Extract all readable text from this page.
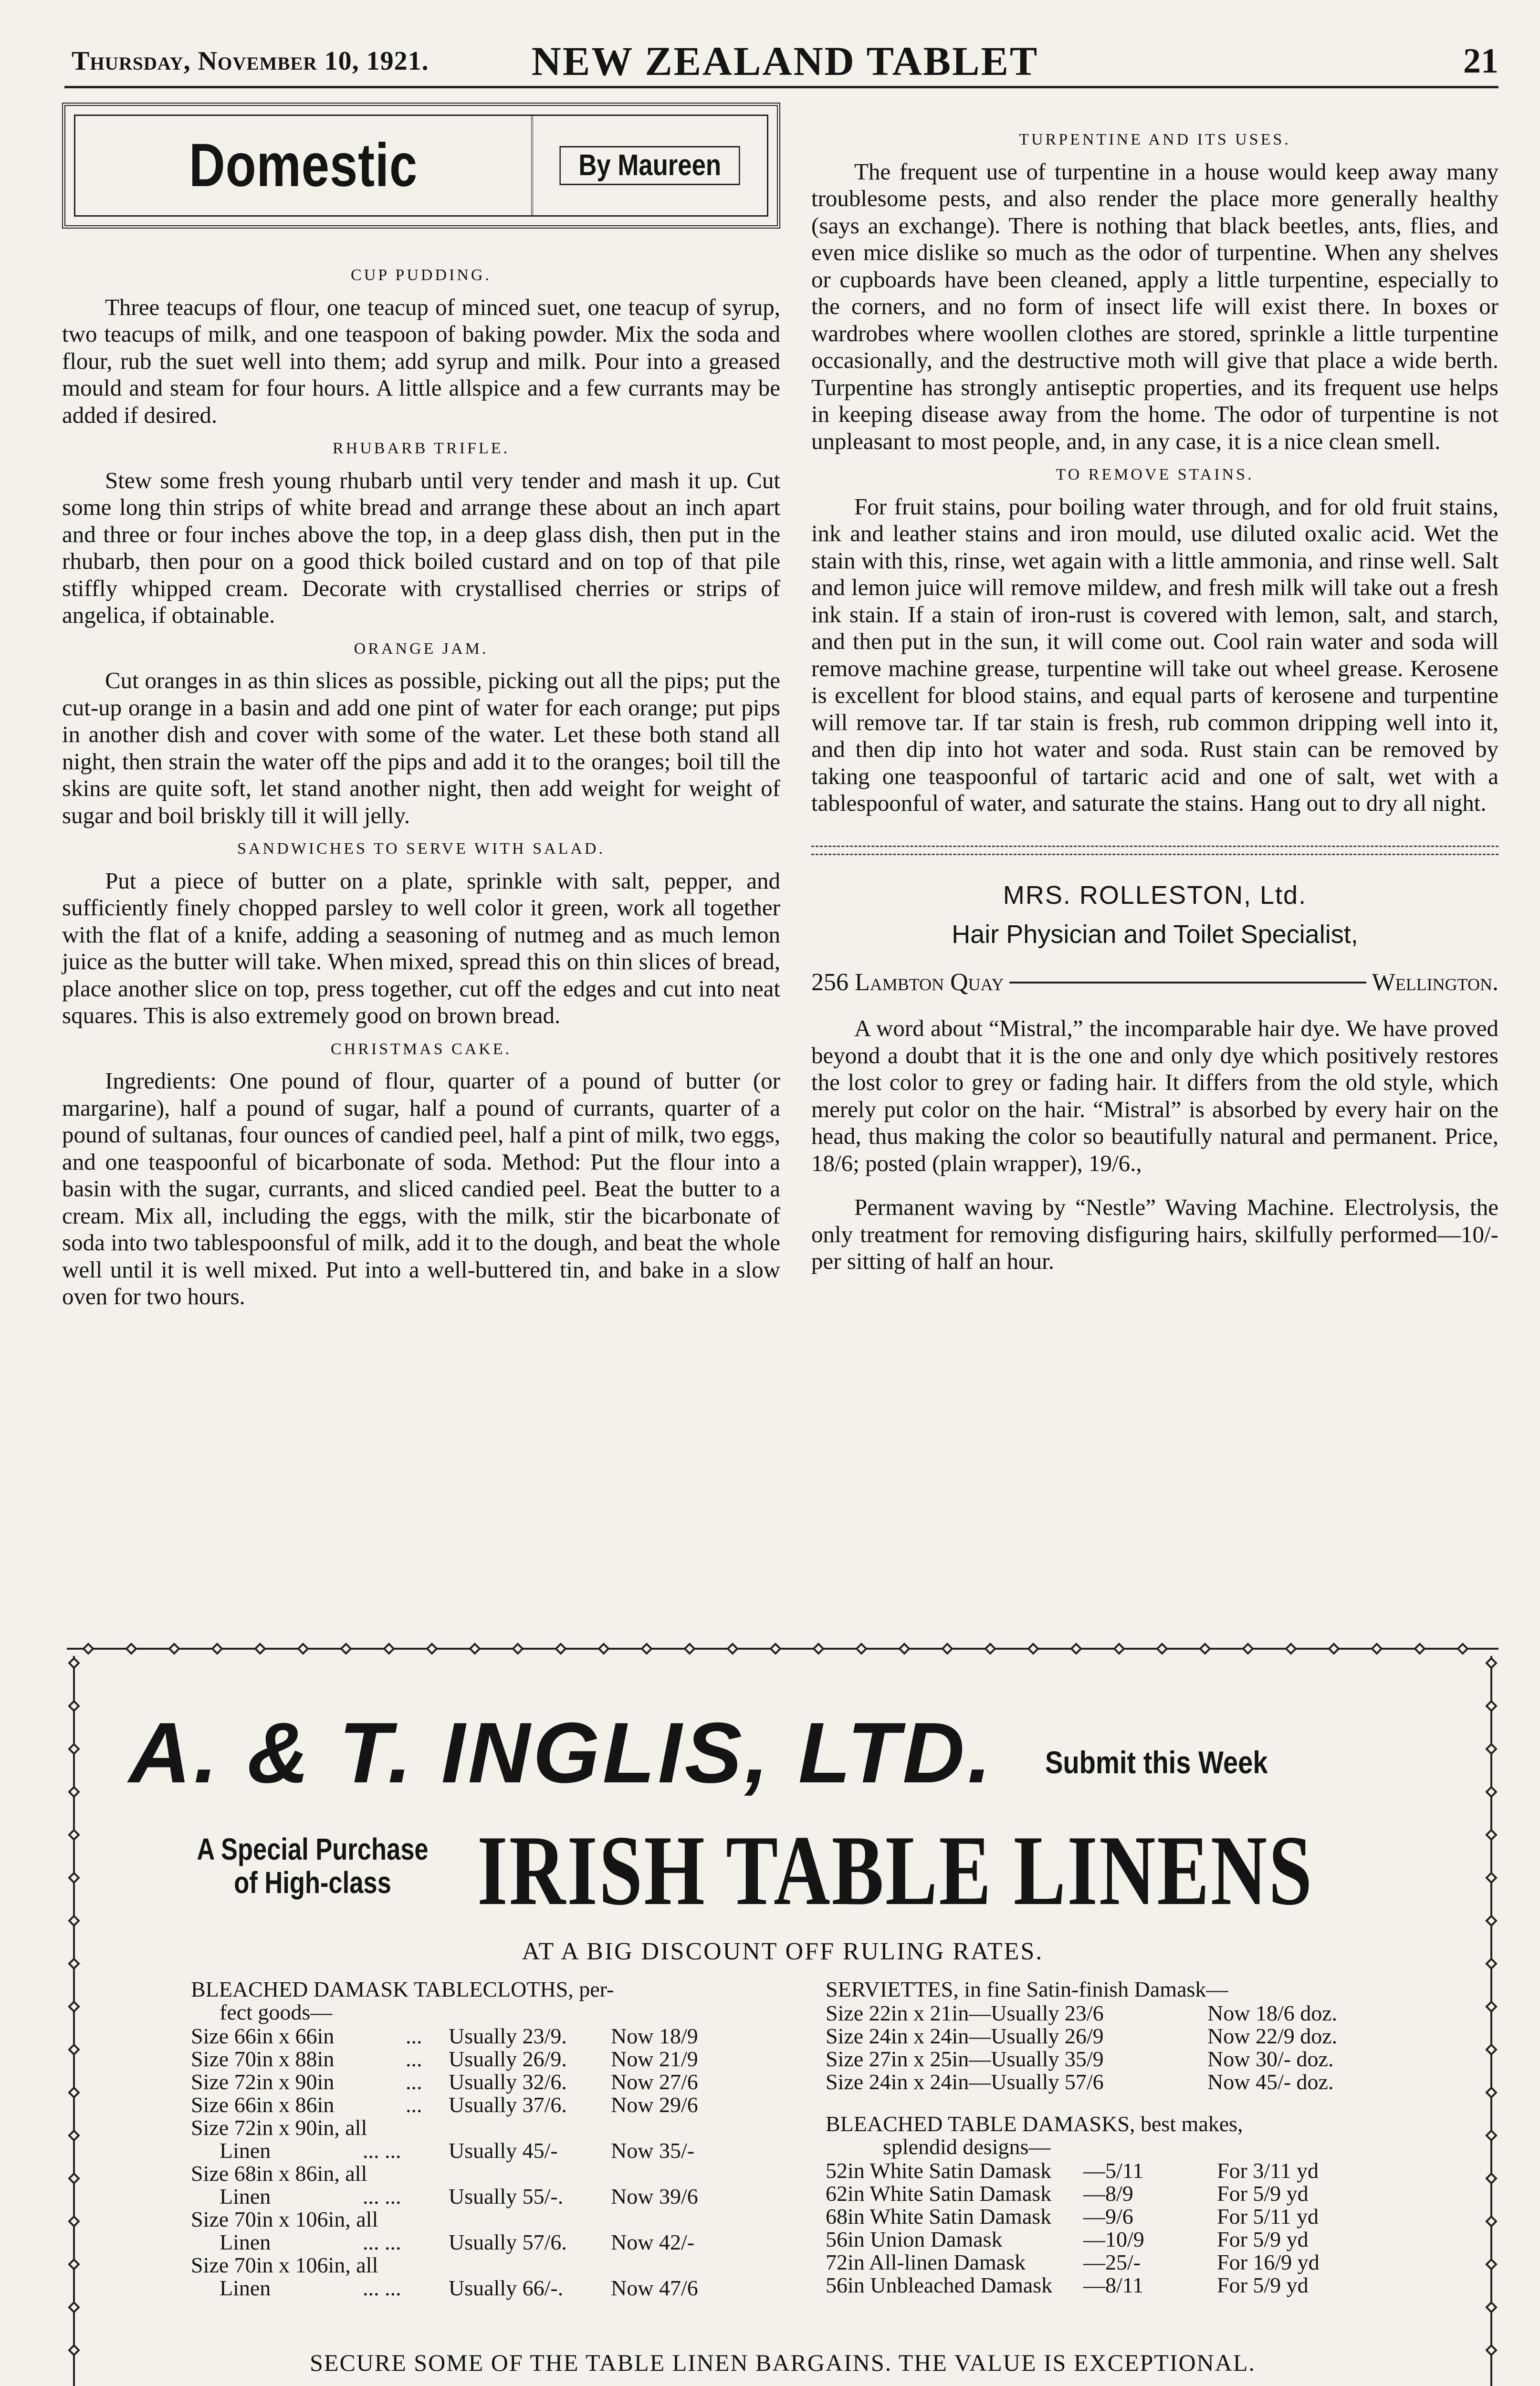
Thursday, November 10, 1921.	NEW ZEALAND TABLET	21
Domestic	By Maureen
CUP PUDDING.

Three teacups of flour, one teacup of minced suet, one teacup of syrup, two teacups of milk, and one teaspoon of baking powder. Mix the soda and flour, rub the suet well into them; add syrup and milk. Pour into a greased mould and steam for four hours. A little allspice and a few currants may be added if desired.

RHUBARB TRIFLE.

Stew some fresh young rhubarb until very tender and mash it up. Cut some long thin strips of white bread and arrange these about an inch apart and three or four inches above the top, in a deep glass dish, then put in the rhubarb, then pour on a good thick boiled custard and on top of that pile stiffly whipped cream. Decorate with crystallised cherries or strips of angelica, if obtainable.

ORANGE JAM.

Cut oranges in as thin slices as possible, picking out all the pips; put the cut-up orange in a basin and add one pint of water for each orange; put pips in another dish and cover with some of the water. Let these both stand all night, then strain the water off the pips and add it to the oranges; boil till the skins are quite soft, let stand another night, then add weight for weight of sugar and boil briskly till it will jelly.

SANDWICHES TO SERVE WITH SALAD.

Put a piece of butter on a plate, sprinkle with salt, pepper, and sufficiently finely chopped parsley to well color it green, work all together with the flat of a knife, adding a seasoning of nutmeg and as much lemon juice as the butter will take. When mixed, spread this on thin slices of bread, place another slice on top, press together, cut off the edges and cut into neat squares. This is also extremely good on brown bread.

CHRISTMAS CAKE.

Ingredients: One pound of flour, quarter of a pound of butter (or margarine), half a pound of sugar, half a pound of currants, quarter of a pound of sultanas, four ounces of candied peel, half a pint of milk, two eggs, and one teaspoonful of bicarbonate of soda. Method: Put the flour into a basin with the sugar, currants, and sliced candied peel. Beat the butter to a cream. Mix all, including the eggs, with the milk, stir the bicarbonate of soda into two tablespoonsful of milk, add it to the dough, and beat the whole well until it is well mixed. Put into a well-buttered tin, and bake in a slow oven for two hours.

TURPENTINE AND ITS USES.

The frequent use of turpentine in a house would keep away many troublesome pests, and also render the place more generally healthy (says an exchange). There is nothing that black beetles, ants, flies, and even mice dislike so much as the odor of turpentine. When any shelves or cupboards have been cleaned, apply a little turpentine, especially to the corners, and no form of insect life will exist there. In boxes or wardrobes where woollen clothes are stored, sprinkle a little turpentine occasionally, and the destructive moth will give that place a wide berth. Turpentine has strongly antiseptic properties, and its frequent use helps in keeping disease away from the home. The odor of turpentine is not unpleasant to most people, and, in any case, it is a nice clean smell.

TO REMOVE STAINS.

For fruit stains, pour boiling water through, and for old fruit stains, ink and leather stains and iron mould, use diluted oxalic acid. Wet the stain with this, rinse, wet again with a little ammonia, and rinse well. Salt and lemon juice will remove mildew, and fresh milk will take out a fresh ink stain. If a stain of iron-rust is covered with lemon, salt, and starch, and then put in the sun, it will come out. Cool rain water and soda will remove machine grease, turpentine will take out wheel grease. Kerosene is excellent for blood stains, and equal parts of kerosene and turpentine will remove tar. If tar stain is fresh, rub common dripping well into it, and then dip into hot water and soda. Rust stain can be removed by taking one teaspoonful of tartaric acid and one of salt, wet with a tablespoonful of water, and saturate the stains. Hang out to dry all night.

MRS. ROLLESTON, Ltd.
Hair Physician and Toilet Specialist,
256 Lambton Quay	Wellington.

A word about “Mistral,” the incomparable hair dye. We have proved beyond a doubt that it is the one and only dye which positively restores the lost color to grey or fading hair. It differs from the old style, which merely put color on the hair. “Mistral” is absorbed by every hair on the head, thus making the color so beautifully natural and permanent. Price, 18/6; posted (plain wrapper), 19/6.,

Permanent waving by “Nestle” Waving Machine. Electrolysis, the only treatment for removing disfiguring hairs, skilfully performed—10/- per sitting of half an hour.

A. & T. INGLIS, LTD. Submit this Week
A Special Purchase
of High-class IRISH TABLE LINENS
AT A BIG DISCOUNT OFF RULING RATES.
BLEACHED DAMASK TABLECLOTHS, per-
fect goods—
Size 66in x 66in	...	Usually 23/9.	Now 18/9
Size 70in x 88in	...	Usually 26/9.	Now 21/9
Size 72in x 90in	...	Usually 32/6.	Now 27/6
Size 66in x 86in	...	Usually 37/6.	Now 29/6
Size 72in x 90in, all			
Linen	... ...	Usually 45/-	Now 35/-
Size 68in x 86in, all			
Linen	... ...	Usually 55/-.	Now 39/6
Size 70in x 106in, all			
Linen	... ...	Usually 57/6.	Now 42/-
Size 70in x 106in, all			
Linen	... ...	Usually 66/-.	Now 47/6
SERVIETTES, in fine Satin-finish Damask—
Size 22in x 21in—Usually 23/6	Now 18/6 doz.
Size 24in x 24in—Usually 26/9	Now 22/9 doz.
Size 27in x 25in—Usually 35/9	Now 30/- doz.
Size 24in x 24in—Usually 57/6	Now 45/- doz.
BLEACHED TABLE DAMASKS, best makes,
splendid designs—
52in White Satin Damask	—5/11	For 3/11 yd
62in White Satin Damask	—8/9	For 5/9 yd
68in White Satin Damask	—9/6	For 5/11 yd
56in Union Damask	—10/9	For 5/9 yd
72in All-linen Damask	—25/-	For 16/9 yd
56in Unbleached Damask	—8/11	For 5/9 yd
SECURE SOME OF THE TABLE LINEN BARGAINS. THE VALUE IS EXCEPTIONAL.
